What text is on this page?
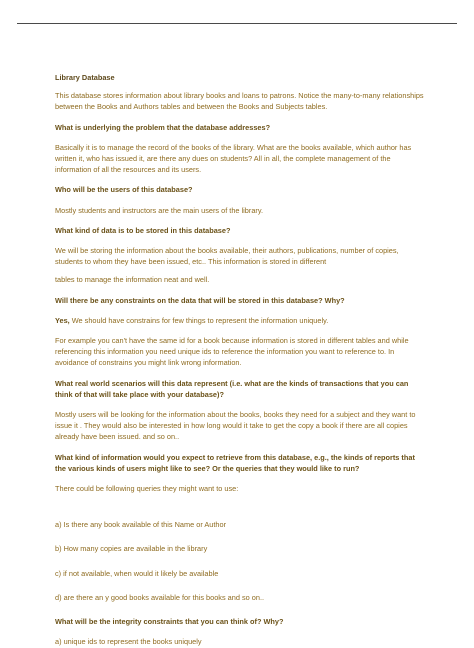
Library Database

This database stores information about library books and loans to patrons. Notice the many-to-many relationships between the Books and Authors tables and between the Books and Subjects tables.

What is underlying the problem that the database addresses?

Basically it is to manage the record of the books of the library. What are the books available, which author has written it, who has issued it, are there any dues on students? All in all, the complete management of the information of all the resources and its users.

Who will be the users of this database?

Mostly students and instructors are the main users of the library.

What kind of data is to be stored in this database?

We will be storing the information about the books available, their authors, publications, number of copies, students to whom they have been issued, etc.. This information is stored in different

tables to manage the information neat and well.

Will there be any constraints on the data that will be stored in this database? Why?

Yes, We should have constrains for few things to represent the information uniquely.

For example you can't have the same id for a book because information is stored in different tables and while referencing this information you need unique ids to reference the information you want to reference to. In avoidance of constrains you might link wrong information.

What real world scenarios will this data represent (i.e. what are the kinds of transactions that you can think of that will take place with your database)?

Mostly users will be looking for the information about the books, books they need for a subject and they want to issue it . They would also be interested in how long would it take to get the copy a book if there are all copies already have been issued. and so on..

What kind of information would you expect to retrieve from this database, e.g., the kinds of reports that the various kinds of users might like to see? Or the queries that they would like to run?

There could be following queries they might want to use:

a) Is there any book available of this Name or Author

b) How many copies are available in the library

c) if not available, when would it likely be available

d) are there an y good books available for this books and so on..

What will be the integrity constraints that you can think of? Why?

a) unique ids to represent the books uniquely
